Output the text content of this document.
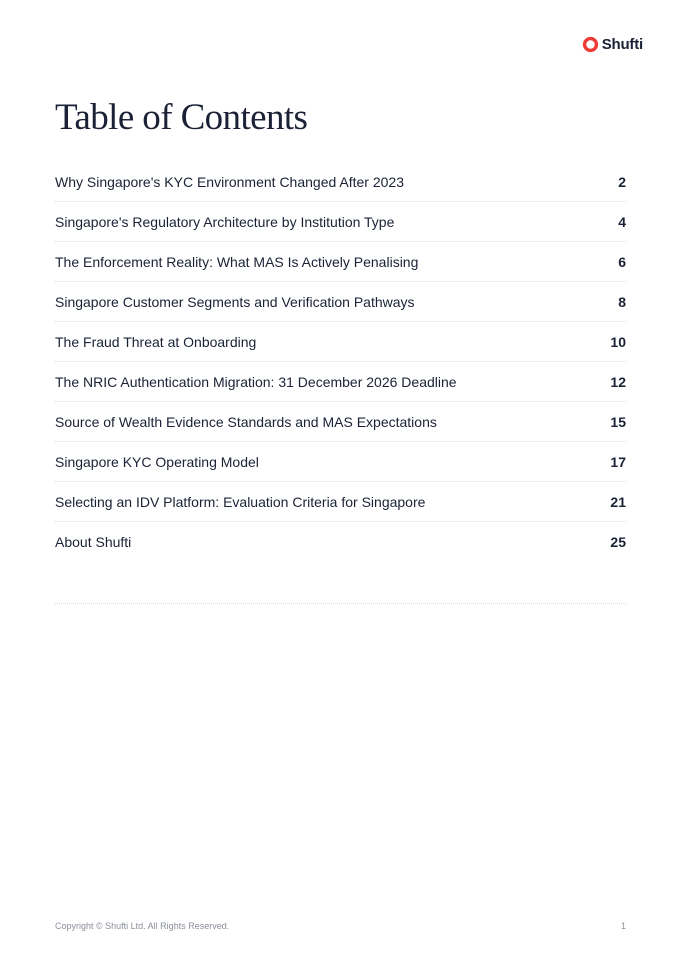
Shufti
Table of Contents
Why Singapore's KYC Environment Changed After 2023	2
Singapore's Regulatory Architecture by Institution Type	4
The Enforcement Reality: What MAS Is Actively Penalising	6
Singapore Customer Segments and Verification Pathways	8
The Fraud Threat at Onboarding	10
The NRIC Authentication Migration: 31 December 2026 Deadline	12
Source of Wealth Evidence Standards and MAS Expectations	15
Singapore KYC Operating Model	17
Selecting an IDV Platform: Evaluation Criteria for Singapore	21
About Shufti	25
Copyright © Shufti Ltd. All Rights Reserved.	1
